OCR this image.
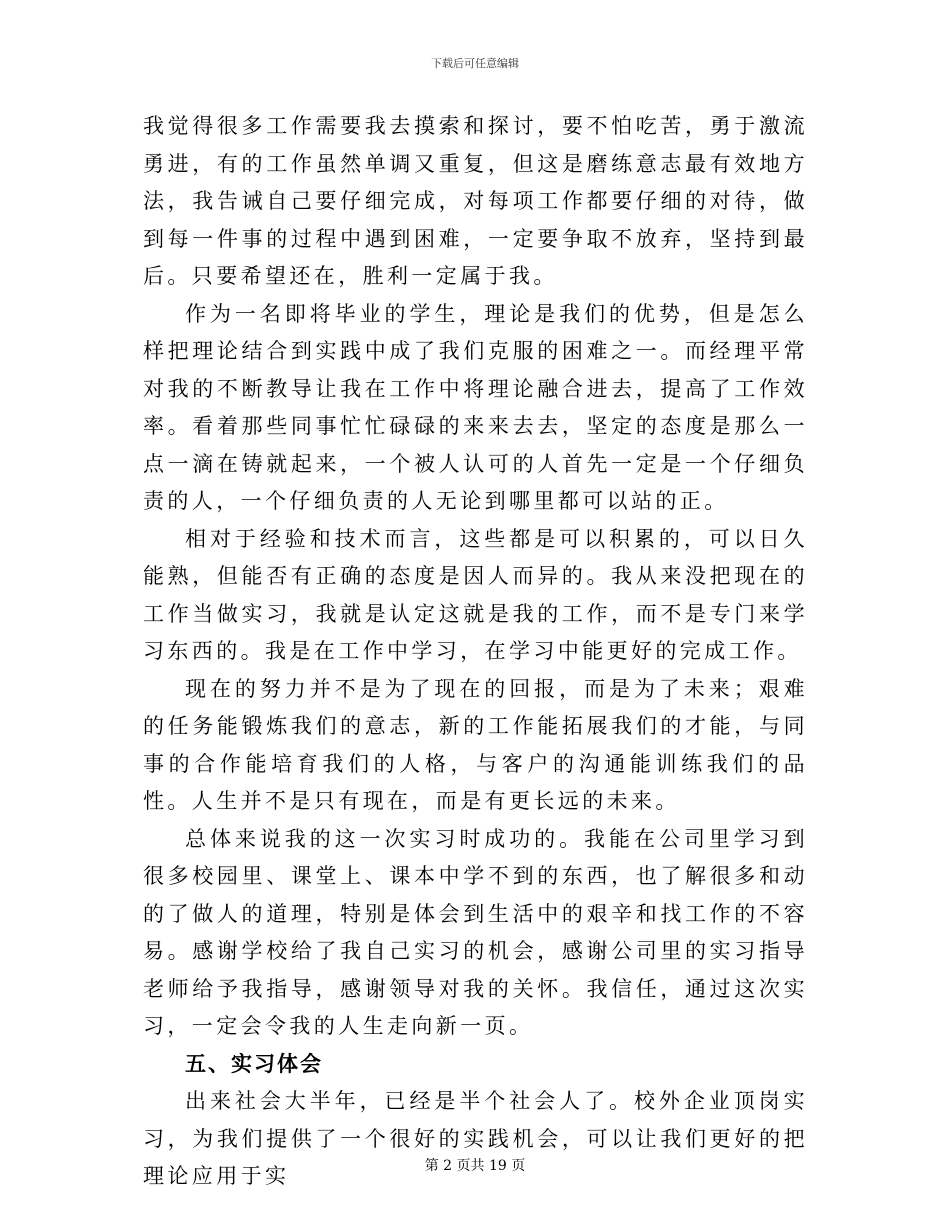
下载后可任意编辑

我觉得很多工作需要我去摸索和探讨，要不怕吃苦，勇于激流勇进，有的工作虽然单调又重复，但这是磨练意志最有效地方法，我告诫自己要仔细完成，对每项工作都要仔细的对待，做到每一件事的过程中遇到困难，一定要争取不放弃，坚持到最后。只要希望还在，胜利一定属于我。

作为一名即将毕业的学生，理论是我们的优势，但是怎么样把理论结合到实践中成了我们克服的困难之一。而经理平常对我的不断教导让我在工作中将理论融合进去，提高了工作效率。看着那些同事忙忙碌碌的来来去去，坚定的态度是那么一点一滴在铸就起来，一个被人认可的人首先一定是一个仔细负责的人，一个仔细负责的人无论到哪里都可以站的正。

相对于经验和技术而言，这些都是可以积累的，可以日久能熟，但能否有正确的态度是因人而异的。我从来没把现在的工作当做实习，我就是认定这就是我的工作，而不是专门来学习东西的。我是在工作中学习，在学习中能更好的完成工作。

现在的努力并不是为了现在的回报，而是为了未来；艰难的任务能锻炼我们的意志，新的工作能拓展我们的才能，与同事的合作能培育我们的人格，与客户的沟通能训练我们的品性。人生并不是只有现在，而是有更长远的未来。

总体来说我的这一次实习时成功的。我能在公司里学习到很多校园里、课堂上、课本中学不到的东西，也了解很多和动的了做人的道理，特别是体会到生活中的艰辛和找工作的不容易。感谢学校给了我自己实习的机会，感谢公司里的实习指导老师给予我指导，感谢领导对我的关怀。我信任，通过这次实习，一定会令我的人生走向新一页。

五、实习体会

出来社会大半年，已经是半个社会人了。校外企业顶岗实习，为我们提供了一个很好的实践机会，可以让我们更好的把理论应用于实	第 2 页共 19 页
